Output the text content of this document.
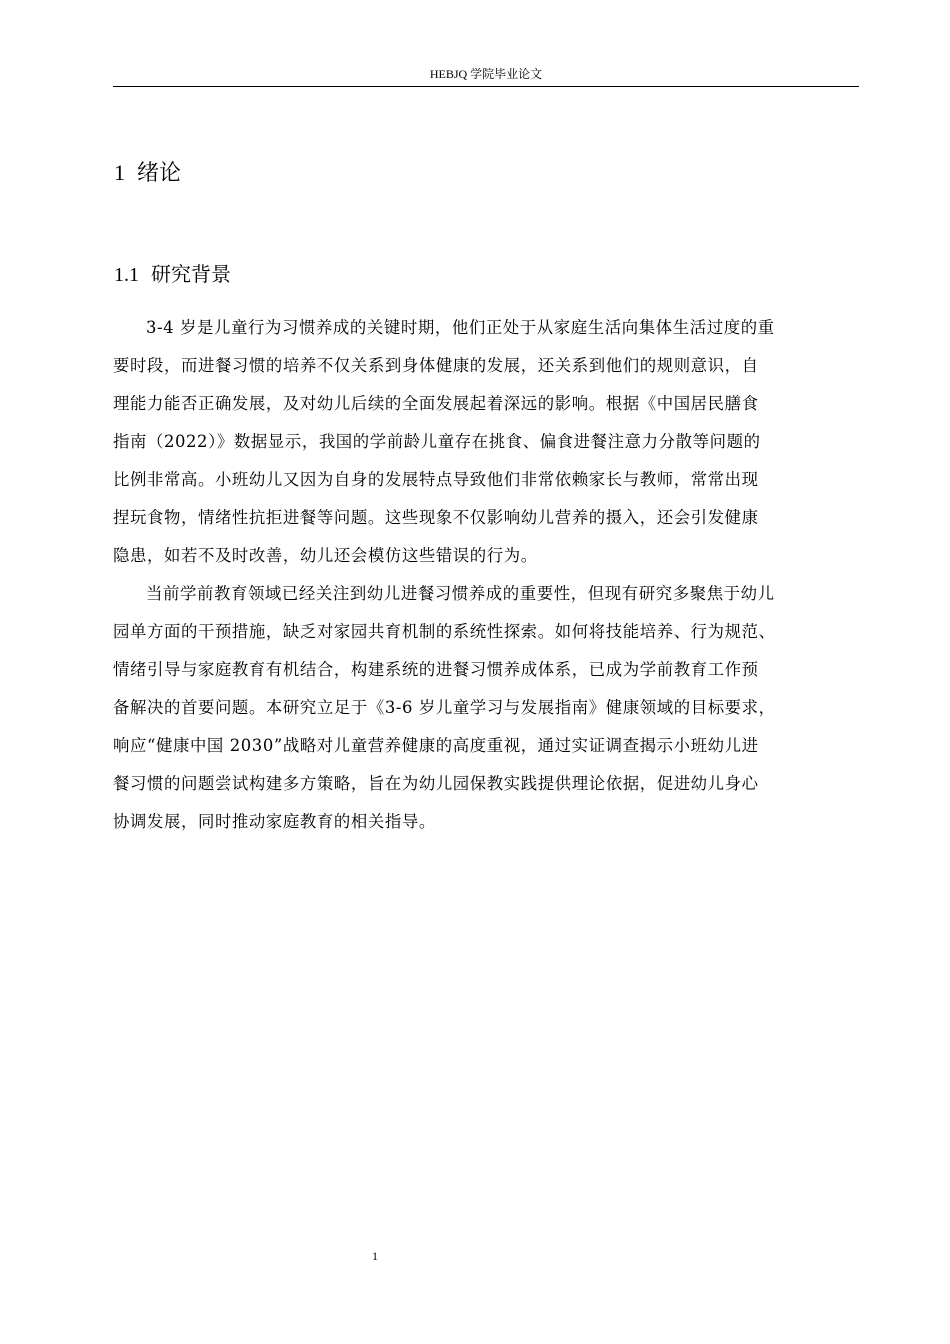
HEBJQ 学院毕业论文
1 绪论
1.1 研究背景
3-4 岁是儿童行为习惯养成的关键时期，他们正处于从家庭生活向集体生活过度的重
要时段，而进餐习惯的培养不仅关系到身体健康的发展，还关系到他们的规则意识，自
理能力能否正确发展，及对幼儿后续的全面发展起着深远的影响。根据《中国居民膳食
指南（2022）》数据显示，我国的学前龄儿童存在挑食、偏食进餐注意力分散等问题的
比例非常高。小班幼儿又因为自身的发展特点导致他们非常依赖家长与教师，常常出现
捏玩食物，情绪性抗拒进餐等问题。这些现象不仅影响幼儿营养的摄入，还会引发健康
隐患，如若不及时改善，幼儿还会模仿这些错误的行为。
当前学前教育领域已经关注到幼儿进餐习惯养成的重要性，但现有研究多聚焦于幼儿
园单方面的干预措施，缺乏对家园共育机制的系统性探索。如何将技能培养、行为规范、
情绪引导与家庭教育有机结合，构建系统的进餐习惯养成体系，已成为学前教育工作预
备解决的首要问题。本研究立足于《3-6 岁儿童学习与发展指南》健康领域的目标要求，
响应“健康中国 2030”战略对儿童营养健康的高度重视，通过实证调查揭示小班幼儿进
餐习惯的问题尝试构建多方策略，旨在为幼儿园保教实践提供理论依据，促进幼儿身心
协调发展，同时推动家庭教育的相关指导。
1
